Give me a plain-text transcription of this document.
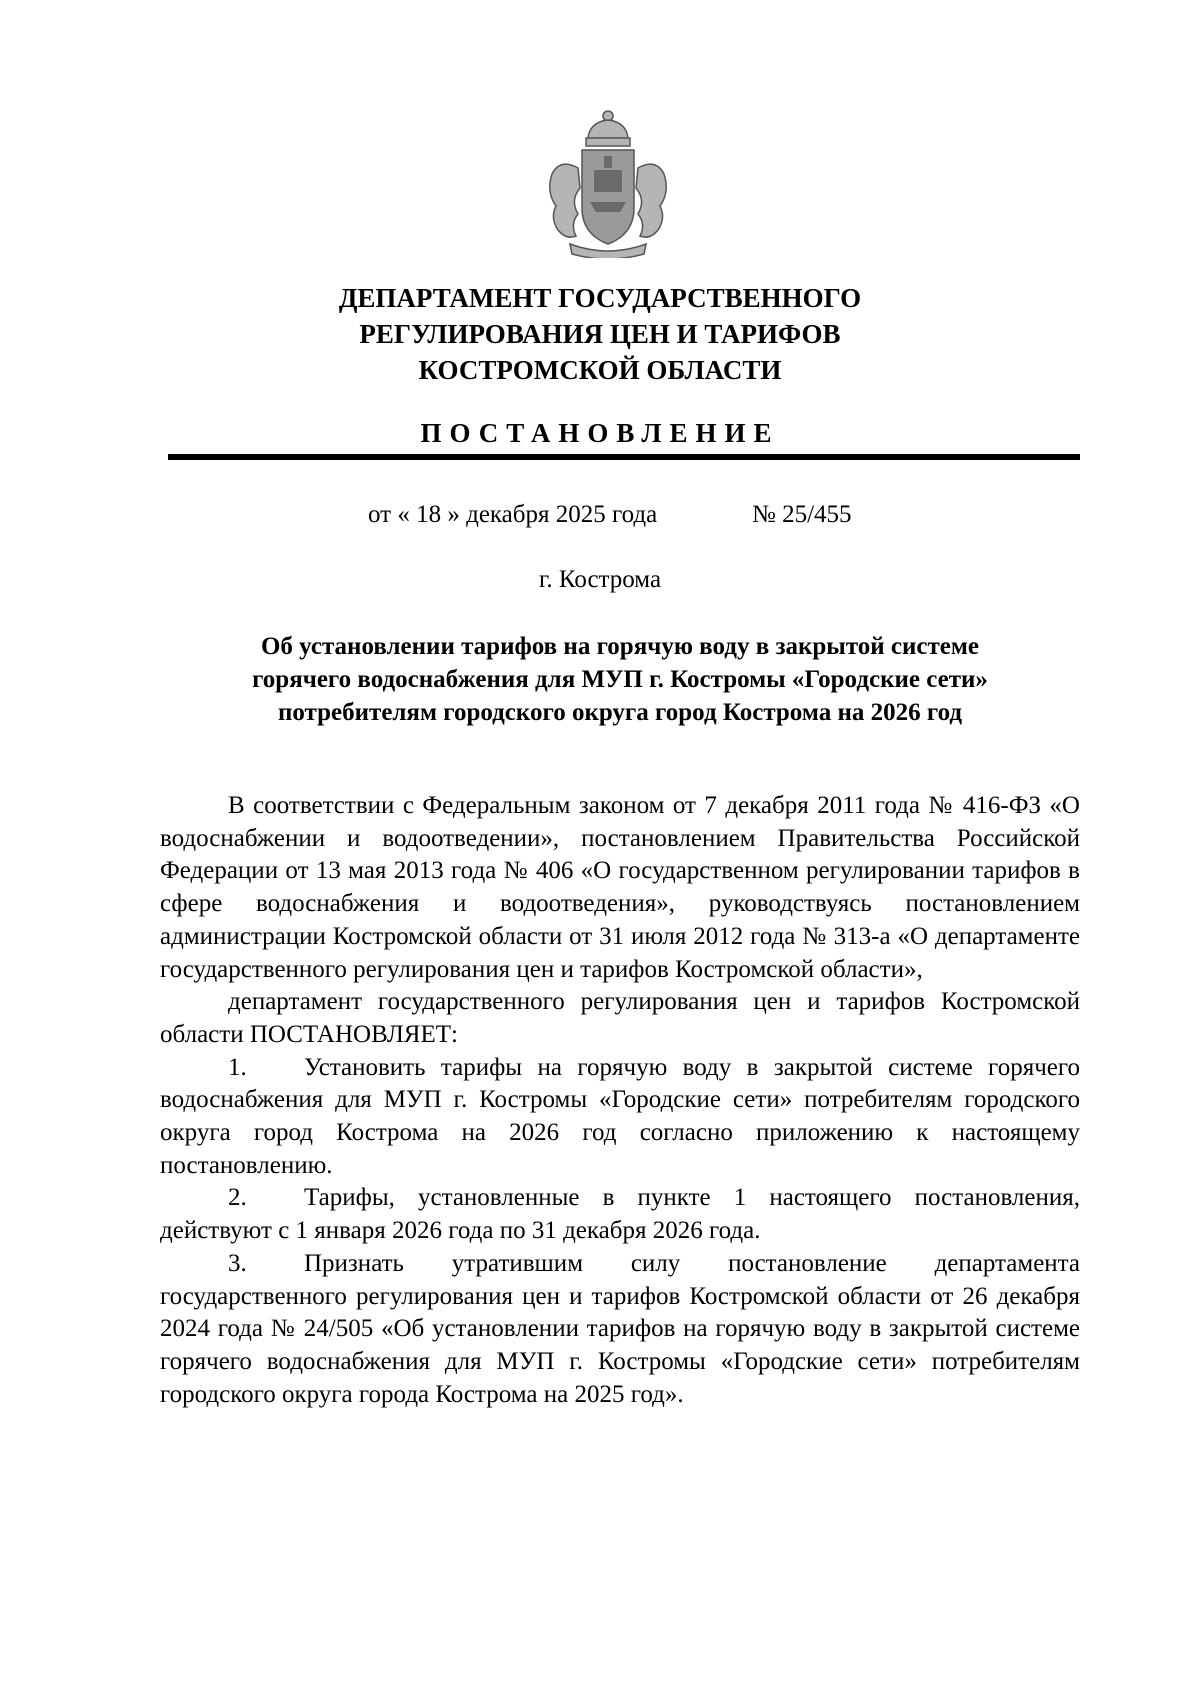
ДЕПАРТАМЕНТ ГОСУДАРСТВЕННОГО
РЕГУЛИРОВАНИЯ ЦЕН И ТАРИФОВ
КОСТРОМСКОЙ ОБЛАСТИ
ПОСТАНОВЛЕНИЕ
от « 18 » декабря 2025 года	№ 25/455
г. Кострома
Об установлении тарифов на горячую воду в закрытой системе
горячего водоснабжения для МУП г. Костромы «Городские сети»
потребителям городского округа город Кострома на 2026 год

В соответствии с Федеральным законом от 7 декабря 2011 года № 416-ФЗ «О водоснабжении и водоотведении», постановлением Правительства Российской Федерации от 13 мая 2013 года № 406 «О государственном регулировании тарифов в сфере водоснабжения и водоотведения», руководствуясь постановлением администрации Костромской области от 31 июля 2012 года № 313-а «О департаменте государственного регулирования цен и тарифов Костромской области»,

департамент государственного регулирования цен и тарифов Костромской области ПОСТАНОВЛЯЕТ:

1. Установить тарифы на горячую воду в закрытой системе горячего водоснабжения для МУП г. Костромы «Городские сети» потребителям городского округа город Кострома на 2026 год согласно приложению к настоящему постановлению.

2. Тарифы, установленные в пункте 1 настоящего постановления, действуют с 1 января 2026 года по 31 декабря 2026 года.

3. Признать утратившим силу постановление департамента государственного регулирования цен и тарифов Костромской области от 26 декабря 2024 года № 24/505 «Об установлении тарифов на горячую воду в закрытой системе горячего водоснабжения для МУП г. Костромы «Городские сети» потребителям городского округа города Кострома на 2025 год».
